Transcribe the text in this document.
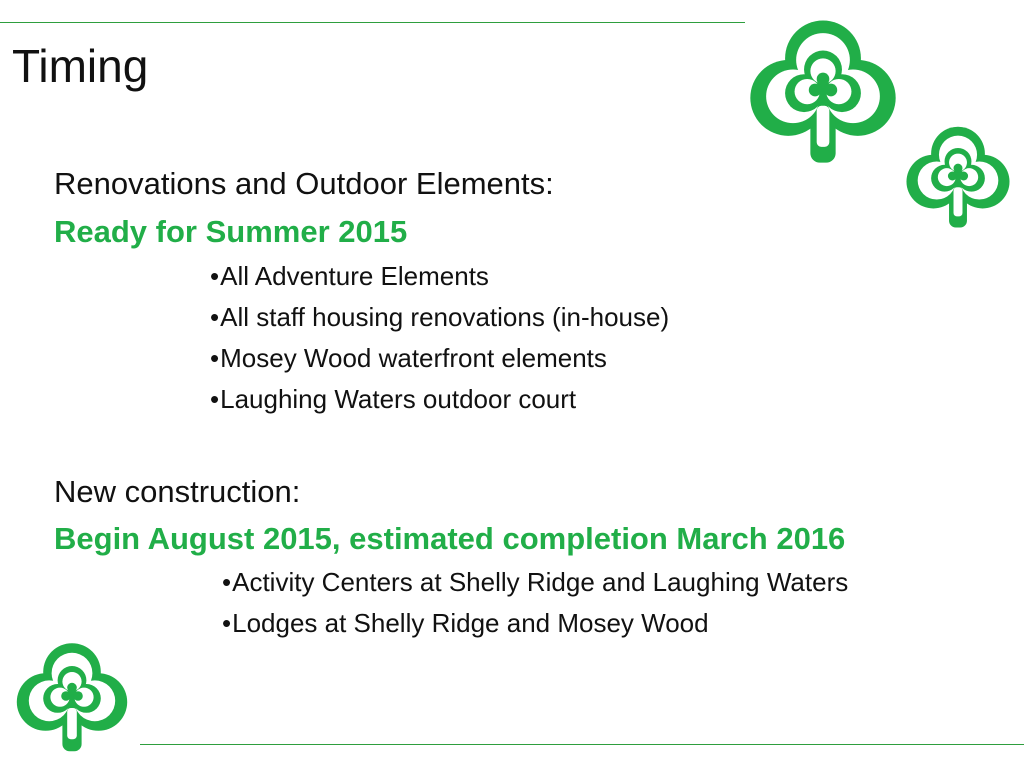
Timing

Renovations and Outdoor Elements:

Ready for Summer 2015

•All Adventure Elements
•All staff housing renovations (in-house)
•Mosey Wood waterfront elements
•Laughing Waters outdoor court

New construction:

Begin August 2015, estimated completion March 2016

•Activity Centers at Shelly Ridge and Laughing Waters
•Lodges at Shelly Ridge and Mosey Wood
